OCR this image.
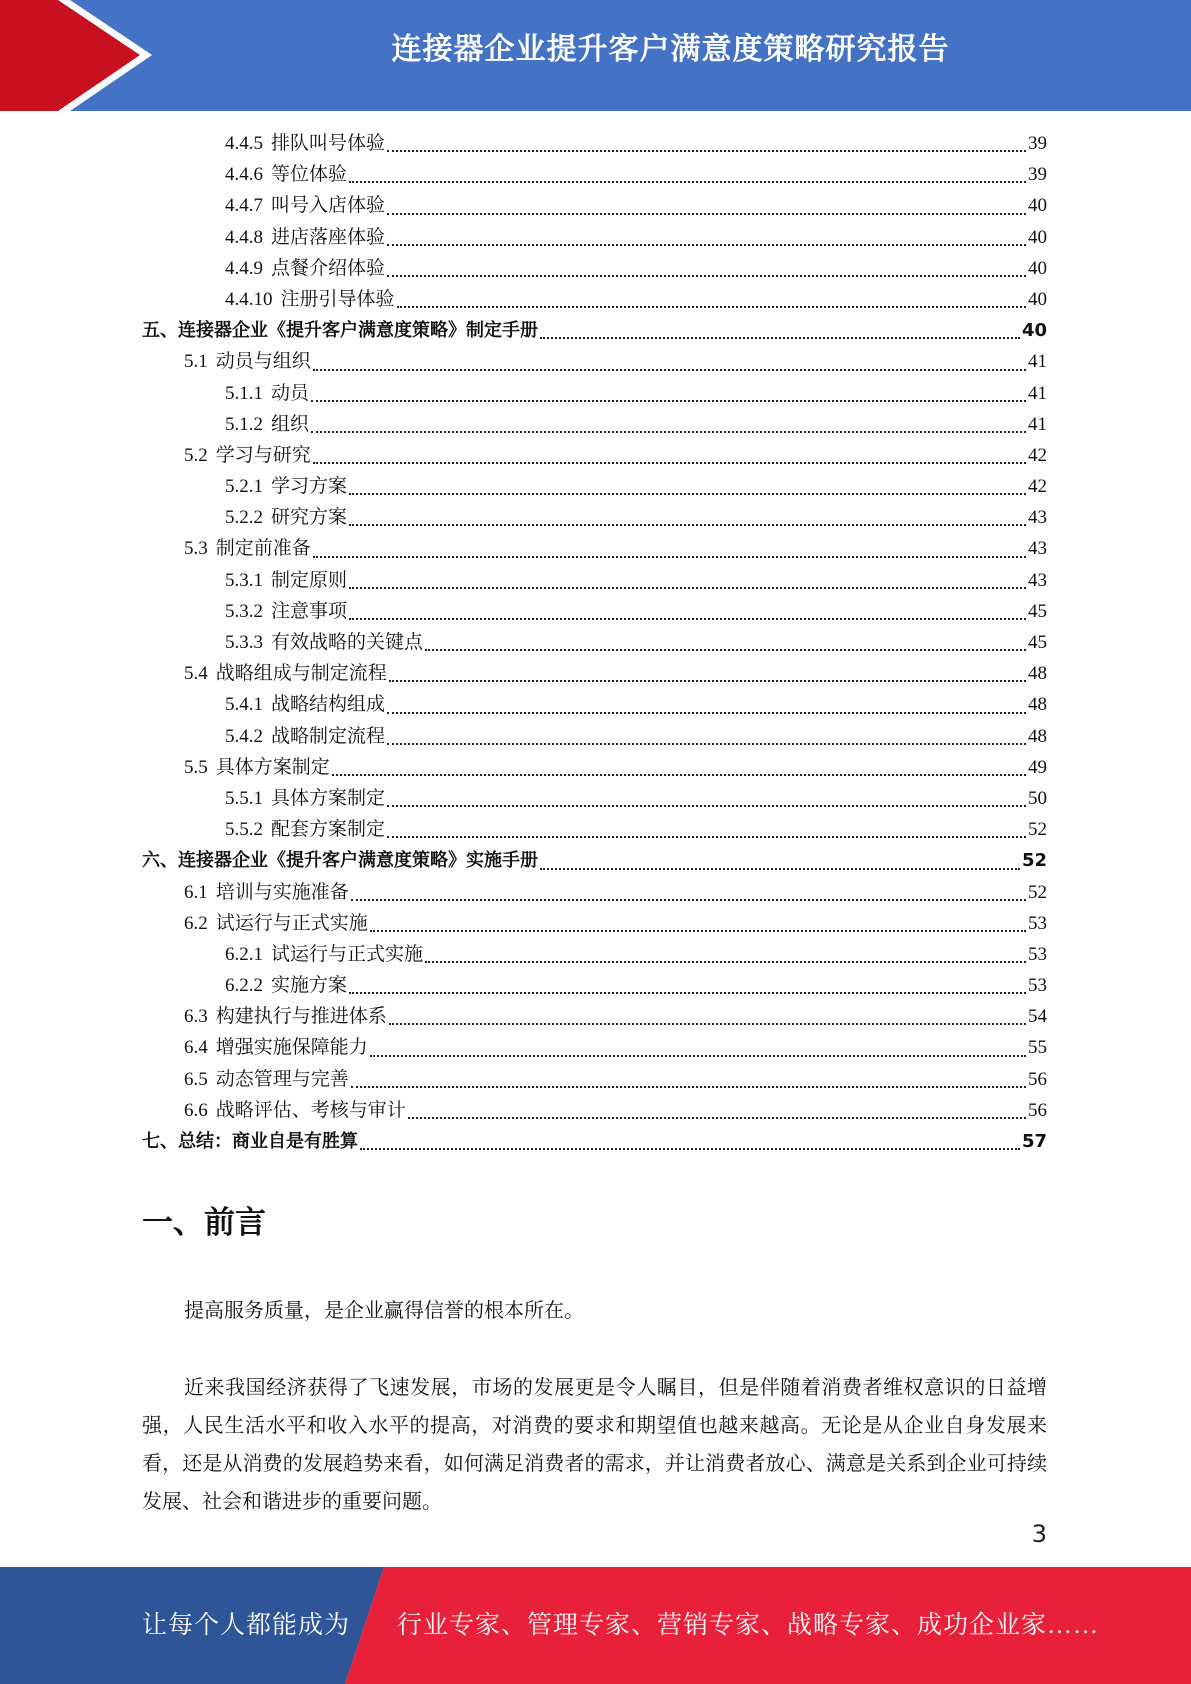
连接器企业提升客户满意度策略研究报告
4.4.5 排队叫号体验	39
4.4.6 等位体验	39
4.4.7 叫号入店体验	40
4.4.8 进店落座体验	40
4.4.9 点餐介绍体验	40
4.4.10 注册引导体验	40
五、连接器企业《提升客户满意度策略》制定手册	40
5.1 动员与组织	41
5.1.1 动员	41
5.1.2 组织	41
5.2 学习与研究	42
5.2.1 学习方案	42
5.2.2 研究方案	43
5.3 制定前准备	43
5.3.1 制定原则	43
5.3.2 注意事项	45
5.3.3 有效战略的关键点	45
5.4 战略组成与制定流程	48
5.4.1 战略结构组成	48
5.4.2 战略制定流程	48
5.5 具体方案制定	49
5.5.1 具体方案制定	50
5.5.2 配套方案制定	52
六、连接器企业《提升客户满意度策略》实施手册	52
6.1 培训与实施准备	52
6.2 试运行与正式实施	53
6.2.1 试运行与正式实施	53
6.2.2 实施方案	53
6.3 构建执行与推进体系	54
6.4 增强实施保障能力	55
6.5 动态管理与完善	56
6.6 战略评估、考核与审计	56
七、总结：商业自是有胜算	57
一、前言
提高服务质量，是企业赢得信誉的根本所在。
近来我国经济获得了飞速发展，市场的发展更是令人瞩目，但是伴随着消费者维权意识的日益增强，人民生活水平和收入水平的提高，对消费的要求和期望值也越来越高。无论是从企业自身发展来看，还是从消费的发展趋势来看，如何满足消费者的需求，并让消费者放心、满意是关系到企业可持续发展、社会和谐进步的重要问题。
3
让每个人都能成为 行业专家、管理专家、营销专家、战略专家、成功企业家……
